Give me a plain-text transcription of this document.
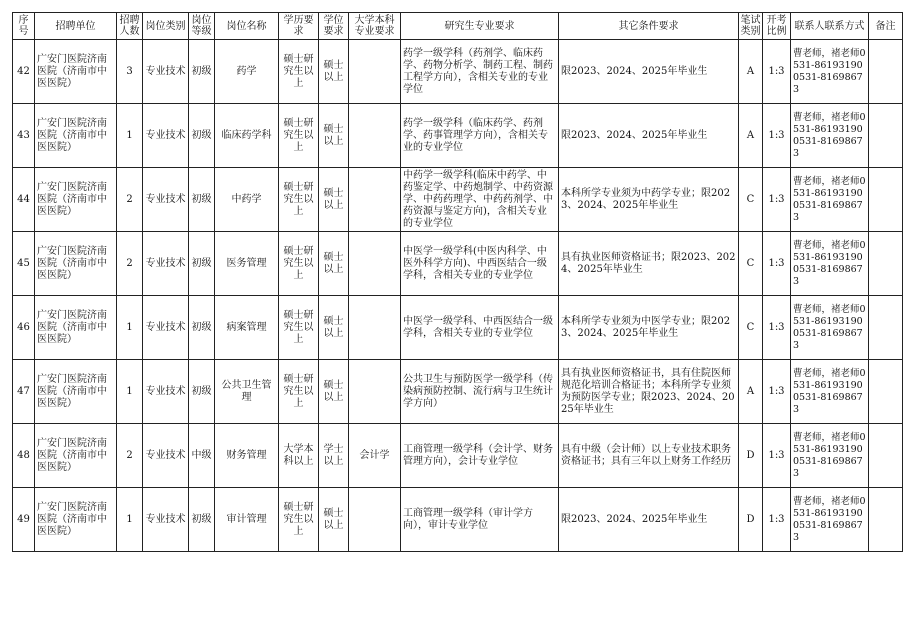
序号	招聘单位	招聘人数	岗位类别	岗位等级	岗位名称	学历要求	学位要求	大学本科专业要求	研究生专业要求	其它条件要求	笔试类别	开考比例	联系人联系方式	备注
42	广安门医院济南医院（济南市中医医院）	3	专业技术	初级	药学	硕士研究生以上	硕士以上		药学一级学科（药剂学、临床药学、药物分析学、制药工程、制药工程学方向），含相关专业的专业学位	限2023、2024、2025年毕业生	A	1:3	曹老师，褚老师0531-861931900531-81698673	
43	广安门医院济南医院（济南市中医医院）	1	专业技术	初级	临床药学科	硕士研究生以上	硕士以上		药学一级学科（临床药学、药剂学、药事管理学方向），含相关专业的专业学位	限2023、2024、2025年毕业生	A	1:3	曹老师，褚老师0531-861931900531-81698673	
44	广安门医院济南医院（济南市中医医院）	2	专业技术	初级	中药学	硕士研究生以上	硕士以上		中药学一级学科(临床中药学、中药鉴定学、中药炮制学、中药资源学、中药药理学、中药药剂学、中药资源与鉴定方向)，含相关专业的专业学位	本科所学专业须为中药学专业；限2023、2024、2025年毕业生	C	1:3	曹老师，褚老师0531-861931900531-81698673	
45	广安门医院济南医院（济南市中医医院）	2	专业技术	初级	医务管理	硕士研究生以上	硕士以上		中医学一级学科(中医内科学、中医外科学方向)、中西医结合一级学科，含相关专业的专业学位	具有执业医师资格证书；限2023、2024、2025年毕业生	C	1:3	曹老师，褚老师0531-861931900531-81698673	
46	广安门医院济南医院（济南市中医医院）	1	专业技术	初级	病案管理	硕士研究生以上	硕士以上		中医学一级学科、中西医结合一级学科，含相关专业的专业学位	本科所学专业须为中医学专业；限2023、2024、2025年毕业生	C	1:3	曹老师，褚老师0531-861931900531-81698673	
47	广安门医院济南医院（济南市中医医院）	1	专业技术	初级	公共卫生管理	硕士研究生以上	硕士以上		公共卫生与预防医学一级学科（传染病预防控制、流行病与卫生统计学方向）	具有执业医师资格证书，具有住院医师规范化培训合格证书；本科所学专业须为预防医学专业；限2023、2024、2025年毕业生	A	1:3	曹老师，褚老师0531-861931900531-81698673	
48	广安门医院济南医院（济南市中医医院）	2	专业技术	中级	财务管理	大学本科以上	学士以上	会计学	工商管理一级学科（会计学、财务管理方向），会计专业学位	具有中级（会计师）以上专业技术职务资格证书；具有三年以上财务工作经历	D	1:3	曹老师，褚老师0531-861931900531-81698673	
49	广安门医院济南医院（济南市中医医院）	1	专业技术	初级	审计管理	硕士研究生以上	硕士以上		工商管理一级学科（审计学方向），审计专业学位	限2023、2024、2025年毕业生	D	1:3	曹老师，褚老师0531-861931900531-81698673	
